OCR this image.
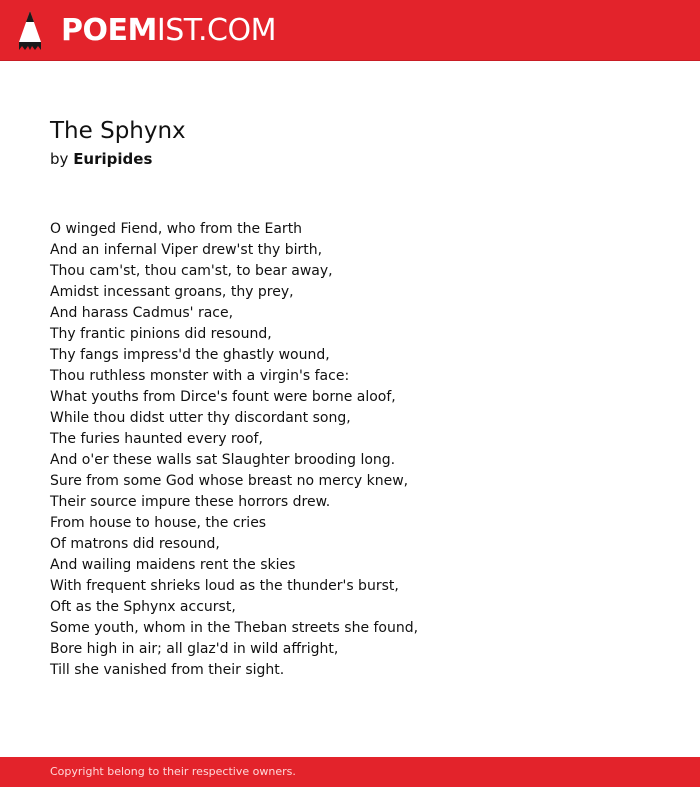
POEMIST.COM
The Sphynx
by Euripides
O winged Fiend, who from the Earth
And an infernal Viper drew'st thy birth,
Thou cam'st, thou cam'st, to bear away,
Amidst incessant groans, thy prey,
And harass Cadmus' race,
Thy frantic pinions did resound,
Thy fangs impress'd the ghastly wound,
Thou ruthless monster with a virgin's face:
What youths from Dirce's fount were borne aloof,
While thou didst utter thy discordant song,
The furies haunted every roof,
And o'er these walls sat Slaughter brooding long.
Sure from some God whose breast no mercy knew,
Their source impure these horrors drew.
From house to house, the cries
Of matrons did resound,
And wailing maidens rent the skies
With frequent shrieks loud as the thunder's burst,
Oft as the Sphynx accurst,
Some youth, whom in the Theban streets she found,
Bore high in air; all glaz'd in wild affright,
Till she vanished from their sight.
Copyright belong to their respective owners.
